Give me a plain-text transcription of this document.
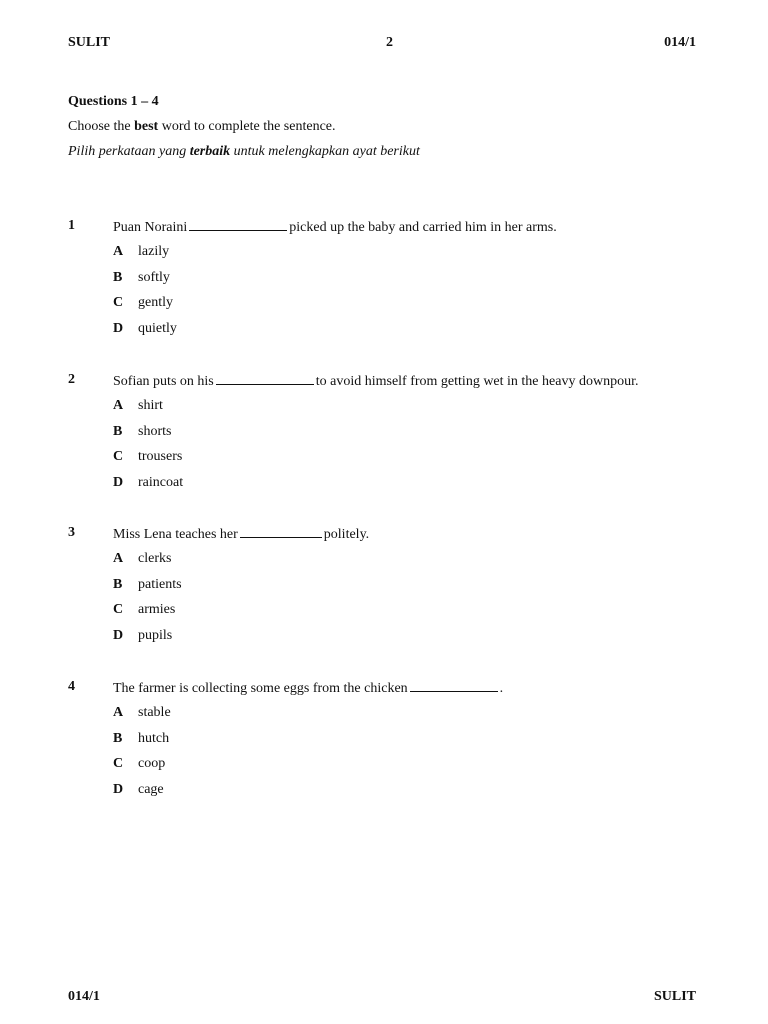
SULIT	2	014/1
Questions 1 – 4
Choose the best word to complete the sentence.
Pilih perkataan yang terbaik untuk melengkapkan ayat berikut
1	Puan Noraini	picked up the baby and carried him in her arms.
A lazily
B softly
C gently
D quietly
2	Sofian puts on his	to avoid himself from getting wet in the heavy downpour.
A shirt
B shorts
C trousers
D raincoat
3	Miss Lena teaches her	politely.
A clerks
B patients
C armies
D pupils
4	The farmer is collecting some eggs from the chicken	.
A stable
B hutch
C coop
D cage
014/1	SULIT
